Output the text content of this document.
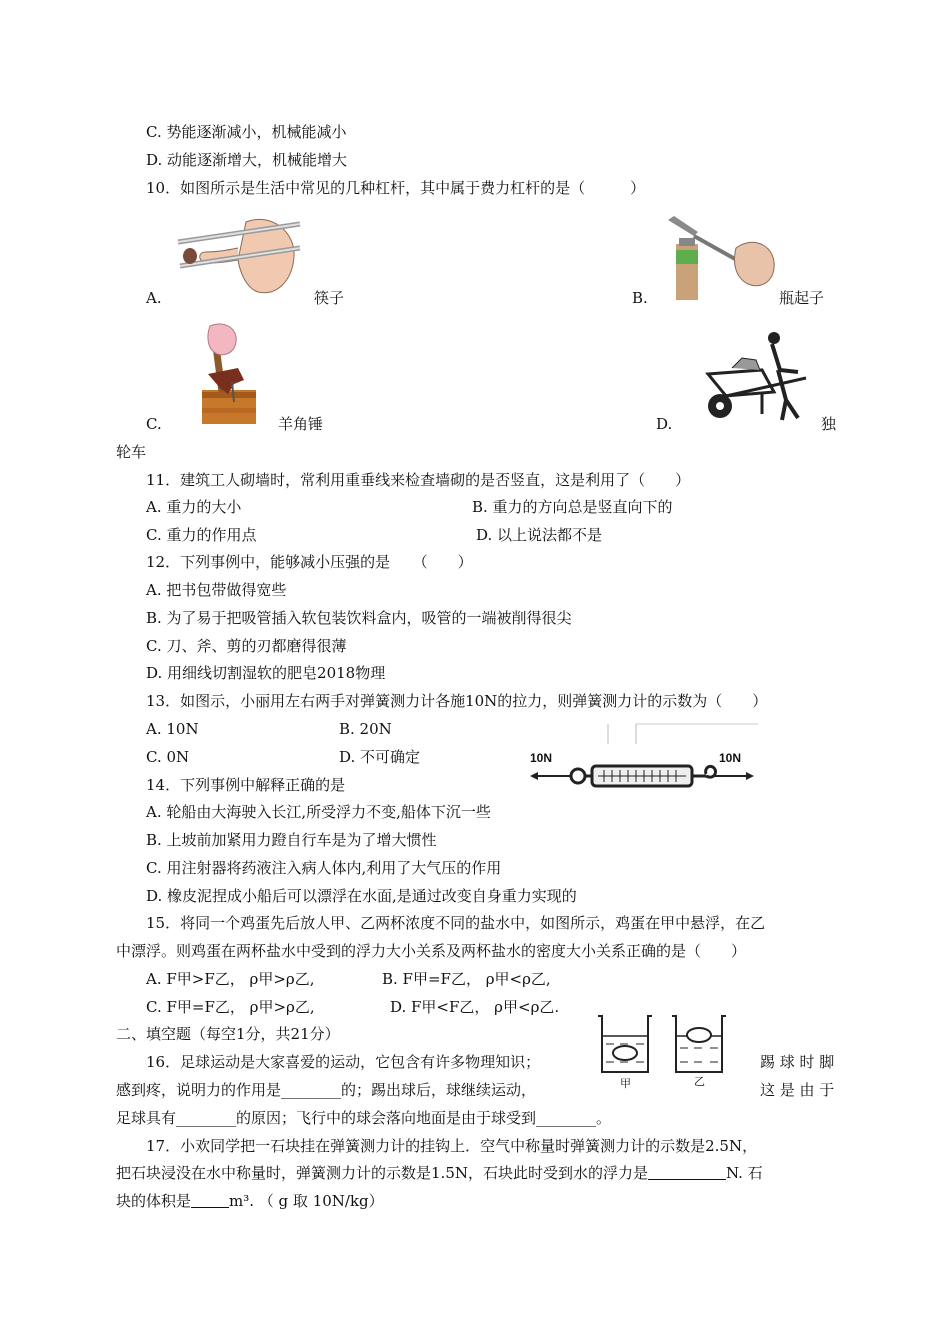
C. 势能逐渐减小，机械能减小
D. 动能逐渐增大，机械能增大
10．如图所示是生活中常见的几种杠杆，其中属于费力杠杆的是（　　　）
A.	筷子	B.	瓶起子
C.	羊角锤	D.	独
轮车
11．建筑工人砌墙时，常利用重垂线来检查墙砌的是否竖直，这是利用了（　　）
A. 重力的大小	B. 重力的方向总是竖直向下的
C. 重力的作用点	D. 以上说法都不是
12．下列事例中，能够减小压强的是　　（　　）
A. 把书包带做得宽些
B. 为了易于把吸管插入软包装饮料盒内，吸管的一端被削得很尖
C. 刀、斧、剪的刃都磨得很薄
D. 用细线切割湿软的肥皂2018物理
13．如图示，小丽用左右两手对弹簧测力计各施10N的拉力，则弹簧测力计的示数为（　　）
A. 10N	B. 20N
C. 0N	D. 不可确定	10N	10N
14．下列事例中解释正确的是
A. 轮船由大海驶入长江,所受浮力不变,船体下沉一些
B. 上坡前加紧用力蹬自行车是为了增大惯性
C. 用注射器将药液注入病人体内,利用了大气压的作用
D. 橡皮泥捏成小船后可以漂浮在水面,是通过改变自身重力实现的
15．将同一个鸡蛋先后放人甲、乙两杯浓度不同的盐水中，如图所示，鸡蛋在甲中悬浮，在乙
中漂浮。则鸡蛋在两杯盐水中受到的浮力大小关系及两杯盐水的密度大小关系正确的是（　　）
A. F甲>F乙， ρ甲>ρ乙,	B. F甲=F乙， ρ甲<ρ乙,
C. F甲=F乙， ρ甲>ρ乙,	D. F甲<F乙， ρ甲<ρ乙.
二、填空题（每空1分，共21分）
甲	乙
16．足球运动是大家喜爱的运动，它包含有许多物理知识；	踢 球 时 脚
感到疼，说明力的作用是________的；踢出球后，球继续运动，	这 是 由 于
足球具有________的原因；飞行中的球会落向地面是由于球受到________。
17．小欢同学把一石块挂在弹簧测力计的挂钩上．空气中称量时弹簧测力计的示数是2.5N，
把石块浸没在水中称量时，弹簧测力计的示数是1.5N，石块此时受到水的浮力是	N. 石
块的体积是	m³. （ g 取 10N/kg）
